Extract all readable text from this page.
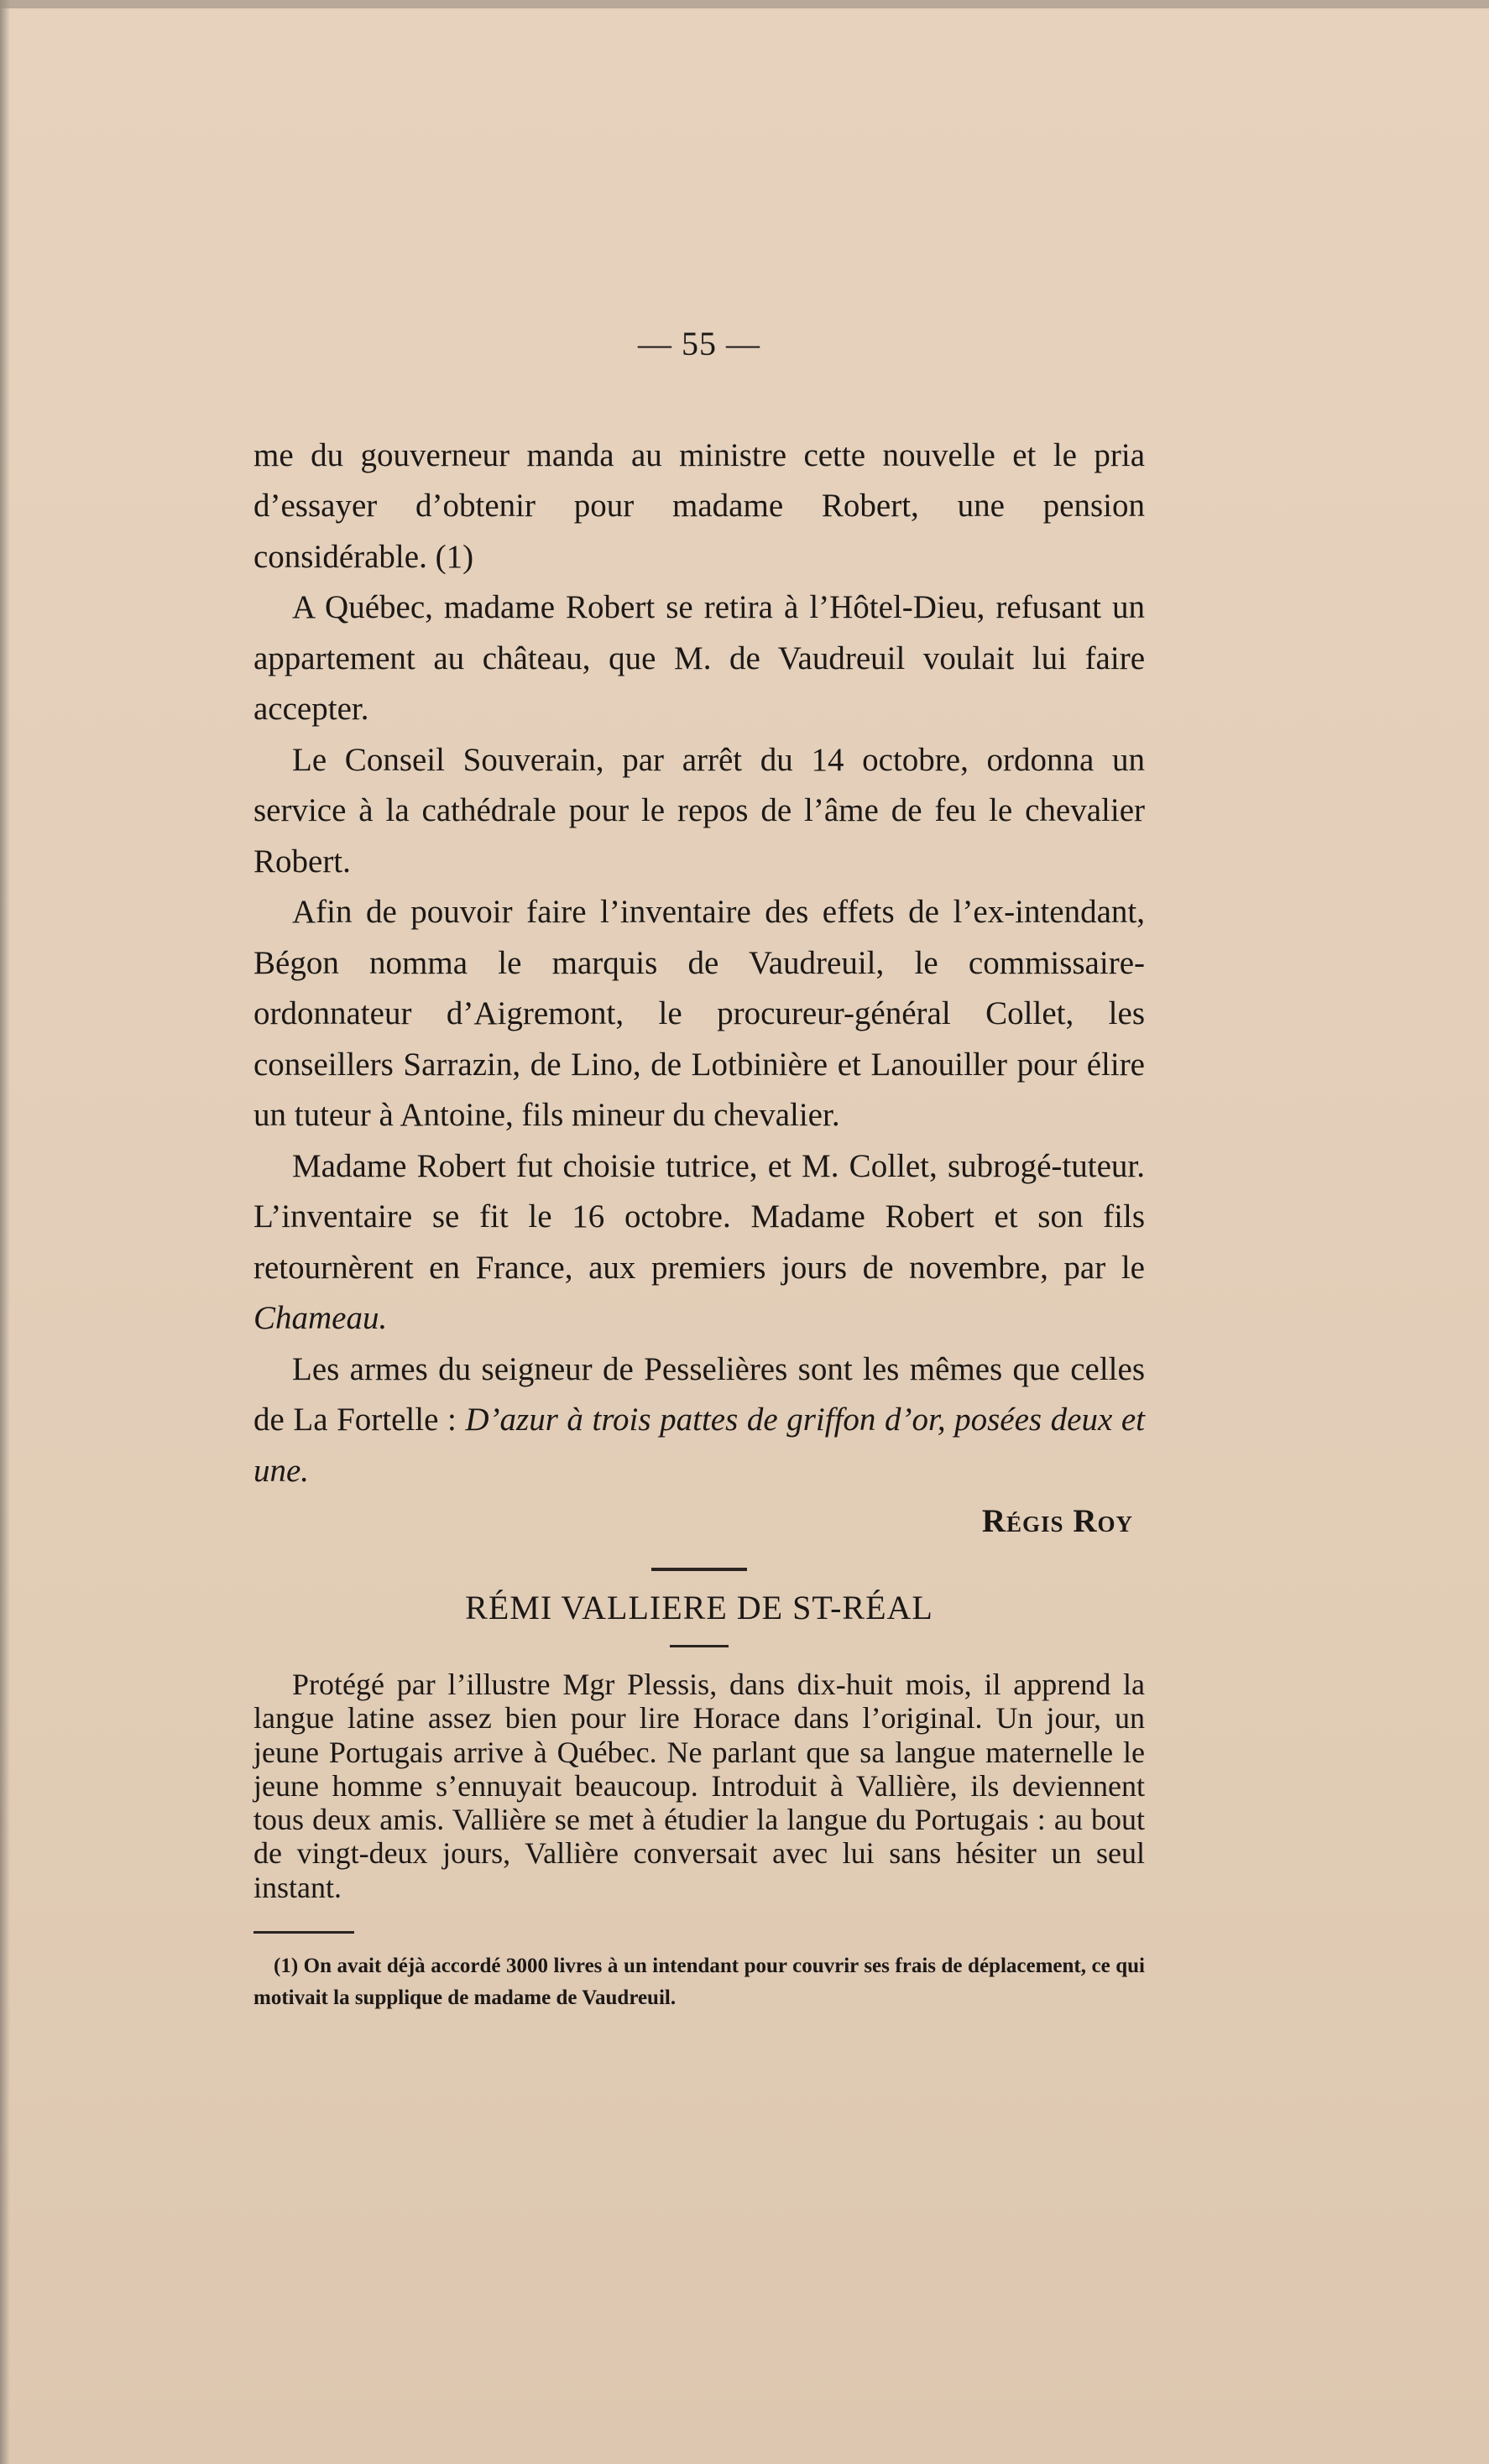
— 55 —

me du gouverneur manda au ministre cette nouvelle et le pria d’essayer d’obtenir pour madame Robert, une pension considérable. (1)

A Québec, madame Robert se retira à l’Hôtel-Dieu, refusant un appartement au château, que M. de Vaudreuil voulait lui faire accepter.

Le Conseil Souverain, par arrêt du 14 octobre, ordonna un service à la cathédrale pour le repos de l’âme de feu le chevalier Robert.

Afin de pouvoir faire l’inventaire des effets de l’ex-intendant, Bégon nomma le marquis de Vaudreuil, le commissaire-ordonnateur d’Aigremont, le procureur-général Collet, les conseillers Sarrazin, de Lino, de Lotbinière et Lanouiller pour élire un tuteur à Antoine, fils mineur du chevalier.

Madame Robert fut choisie tutrice, et M. Collet, subrogé-tuteur. L’inventaire se fit le 16 octobre. Madame Robert et son fils retournèrent en France, aux premiers jours de novembre, par le Chameau.

Les armes du seigneur de Pesselières sont les mêmes que celles de La Fortelle : D’azur à trois pattes de griffon d’or, posées deux et une.

Régis Roy
RÉMI VALLIERE DE ST-RÉAL

Protégé par l’illustre Mgr Plessis, dans dix-huit mois, il apprend la langue latine assez bien pour lire Horace dans l’original. Un jour, un jeune Portugais arrive à Québec. Ne parlant que sa langue maternelle le jeune homme s’ennuyait beaucoup. Introduit à Vallière, ils deviennent tous deux amis. Vallière se met à étudier la langue du Portugais : au bout de vingt-deux jours, Vallière conversait avec lui sans hésiter un seul instant.

(1) On avait déjà accordé 3000 livres à un intendant pour couvrir ses frais de déplacement, ce qui motivait la supplique de madame de Vaudreuil.
